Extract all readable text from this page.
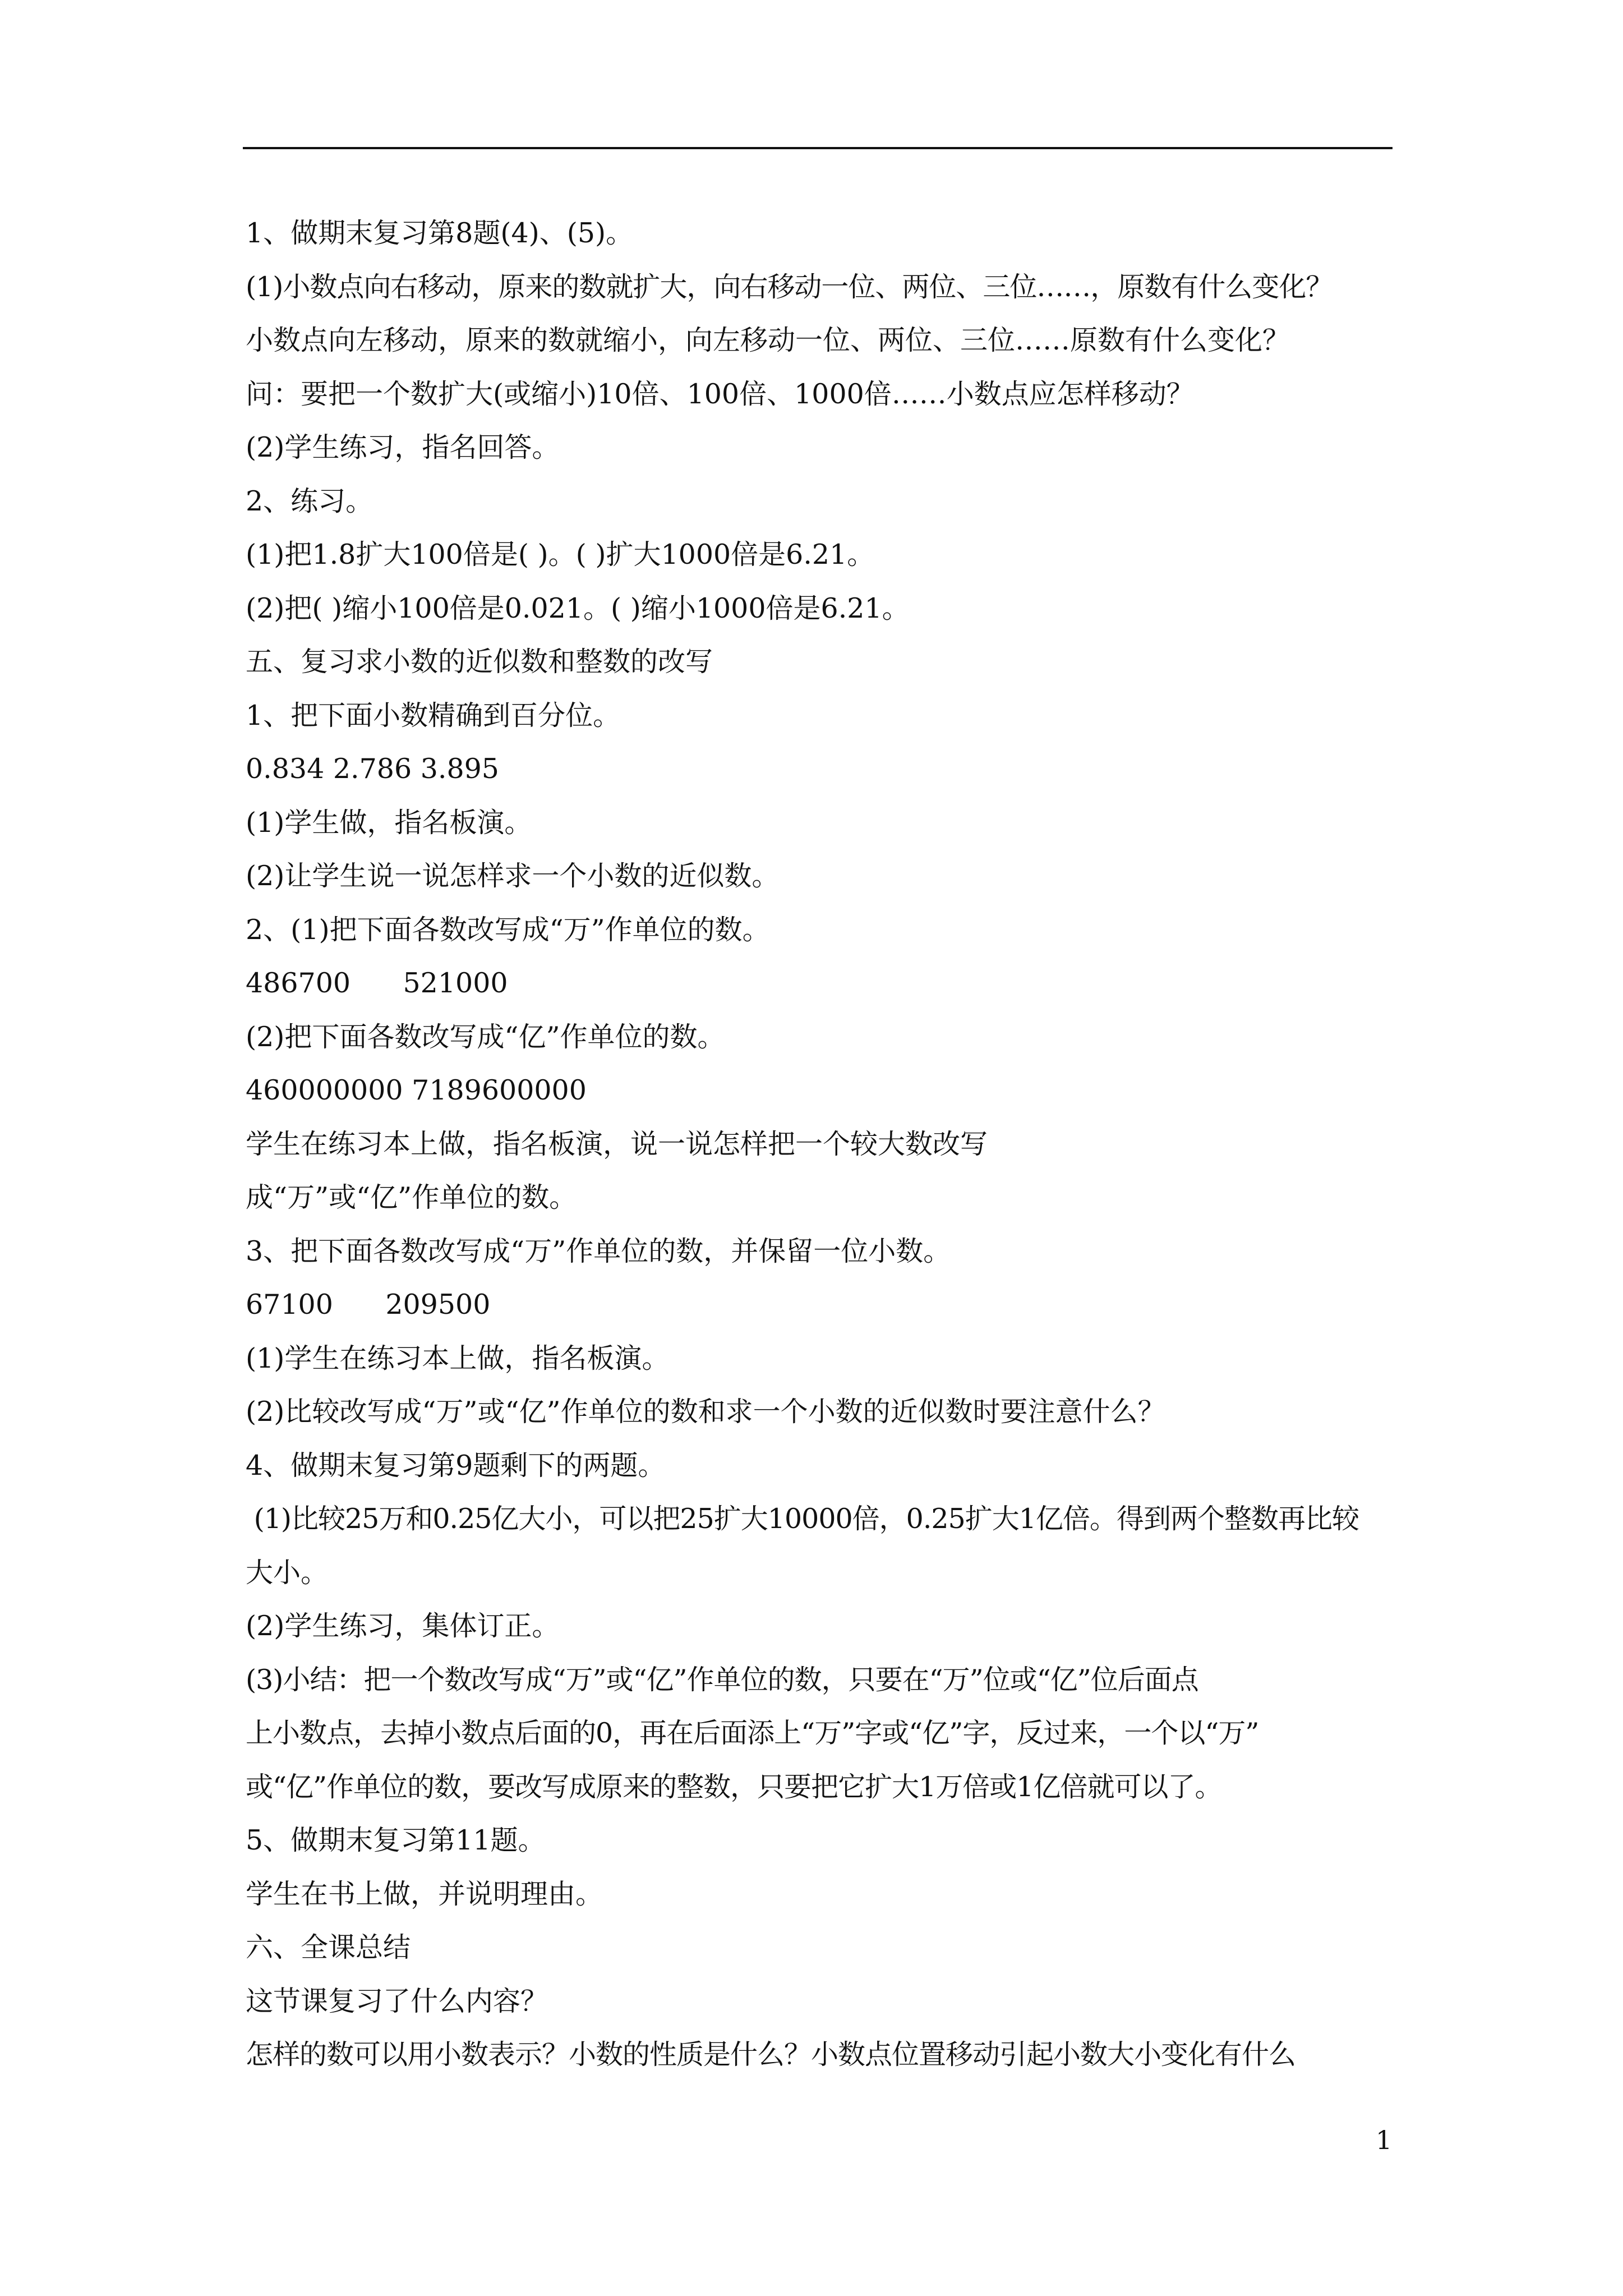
1、做期末复习第8题(4)、(5)。
(1)小数点向右移动，原来的数就扩大，向右移动一位、两位、三位……，原数有什么变化？
小数点向左移动，原来的数就缩小，向左移动一位、两位、三位……原数有什么变化？
问：要把一个数扩大(或缩小)10倍、100倍、1000倍……小数点应怎样移动？
(2)学生练习，指名回答。
2、练习。
(1)把1.8扩大100倍是( )。( )扩大1000倍是6.21。
(2)把( )缩小100倍是0.021。( )缩小1000倍是6.21。
五、复习求小数的近似数和整数的改写
1、把下面小数精确到百分位。
0.834 2.786 3.895
(1)学生做，指名板演。
(2)让学生说一说怎样求一个小数的近似数。
2、(1)把下面各数改写成“万”作单位的数。
486700      521000
(2)把下面各数改写成“亿”作单位的数。
460000000 7189600000
学生在练习本上做，指名板演，说一说怎样把一个较大数改写
成“万”或“亿”作单位的数。
3、把下面各数改写成“万”作单位的数，并保留一位小数。
67100      209500
(1)学生在练习本上做，指名板演。
(2)比较改写成“万”或“亿”作单位的数和求一个小数的近似数时要注意什么？
4、做期末复习第9题剩下的两题。
(1)比较25万和0.25亿大小，可以把25扩大10000倍，0.25扩大1亿倍。得到两个整数再比较
大小。
(2)学生练习，集体订正。
(3)小结：把一个数改写成“万”或“亿”作单位的数，只要在“万”位或“亿”位后面点
上小数点，去掉小数点后面的0，再在后面添上“万”字或“亿”字，反过来，一个以“万”
或“亿”作单位的数，要改写成原来的整数，只要把它扩大1万倍或1亿倍就可以了。
5、做期末复习第11题。
学生在书上做，并说明理由。
六、全课总结
这节课复习了什么内容？
怎样的数可以用小数表示？小数的性质是什么？小数点位置移动引起小数大小变化有什么
1
